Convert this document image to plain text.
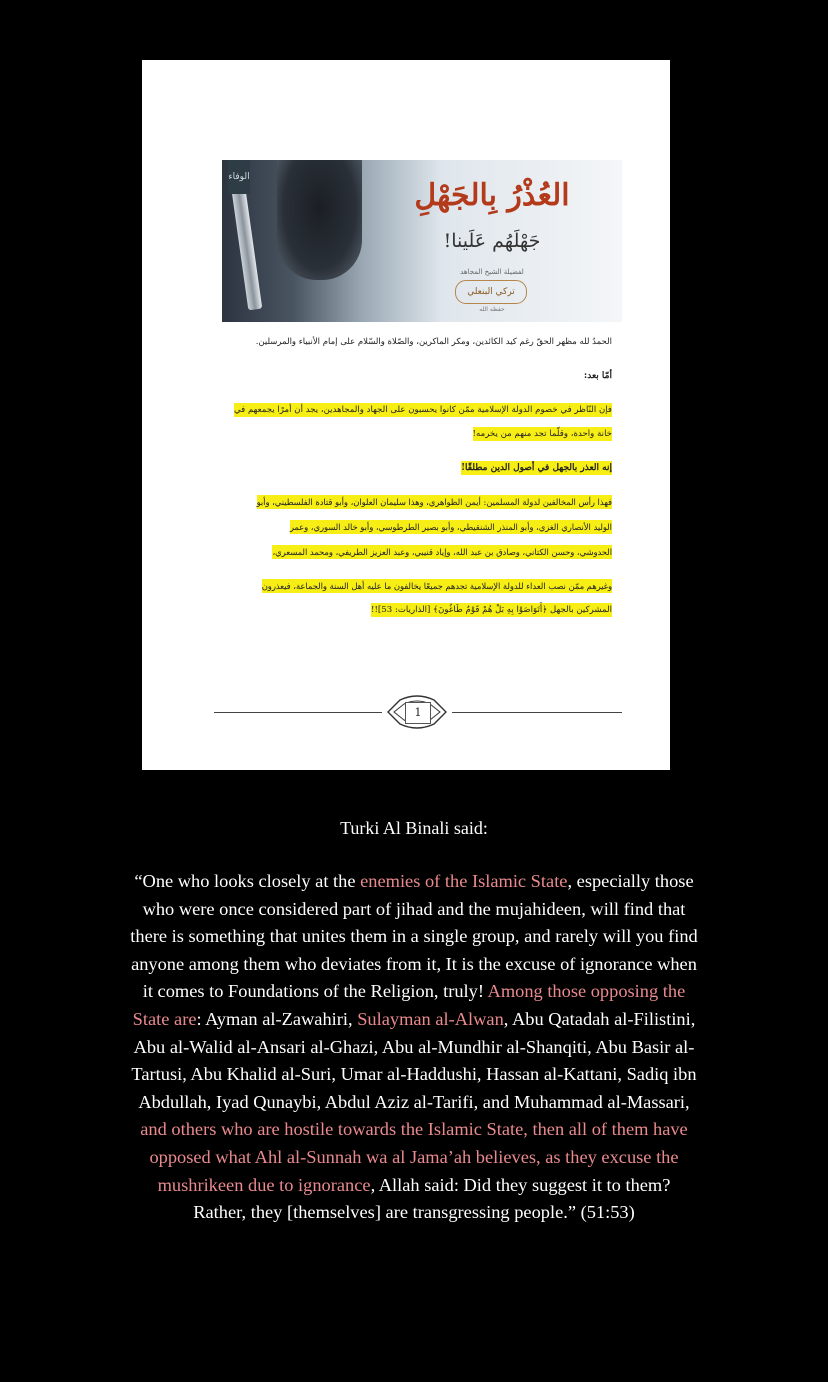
الوفاء
العُذْرُ بِالجَهْلِ
جَهْلَهُم عَلَينا!
لفضيلة الشيخ المجاهد
تركي البنعلي
حفظه الله
الحمدُ لله مظهر الحقّ رغم كيد الكائدين، ومكر الماكرين، والصّلاة والسّلام على إمام الأنبياء والمرسلين.
أمّا بعد:
فإن النّاظر في خصوم الدولة الإسلامية ممّن كانوا يحسبون على الجهاد والمجاهدين، يجد أن أمرًا يجمعهم في
خانة واحدة، وقلّما تجد منهم من يخرمه!
إنه العذر بالجهل في أصول الدين مطلقًا!
فهذا رأس المخالفين لدولة المسلمين: أيمن الظواهري، وهذا سليمان العلوان، وأبو قتادة الفلسطيني، وأبو
الوليد الأنصاري الغزي، وأبو المنذر الشنقيطي، وأبو بصير الطرطوسي، وأبو خالد السوري، وعمر
الحدوشي، وحسن الكتاني، وصادق بن عبد الله، وإياد قنيبي، وعبد العزيز الطريفي، ومحمد المسعري،
وغيرهم ممّن نصب العداء للدولة الإسلامية تجدهم جميعًا يخالفون ما عليه أهل السنة والجماعة، فيعذرون
المشركين بالجهل ﴿أَتَوَاصَوْا بِهِ بَلْ هُمْ قَوْمٌ طَاغُونَ﴾ [الذاريات: 53]!!
1
Turki Al Binali said:
“One who looks closely at the enemies of the Islamic State, especially those who were once considered part of jihad and the mujahideen, will find that there is something that unites them in a single group, and rarely will you find anyone among them who deviates from it, It is the excuse of ignorance when it comes to Foundations of the Religion, truly! Among those opposing the State are: Ayman al-Zawahiri, Sulayman al-Alwan, Abu Qatadah al-Filistini, Abu al-Walid al-Ansari al-Ghazi, Abu al-Mundhir al-Shanqiti, Abu Basir al-Tartusi, Abu Khalid al-Suri, Umar al-Haddushi, Hassan al-Kattani, Sadiq ibn Abdullah, Iyad Qunaybi, Abdul Aziz al-Tarifi, and Muhammad al-Massari, and others who are hostile towards the Islamic State, then all of them have opposed what Ahl al-Sunnah wa al Jama’ah believes, as they excuse the mushrikeen due to ignorance, Allah said: Did they suggest it to them? Rather, they [themselves] are transgressing people.” (51:53)
